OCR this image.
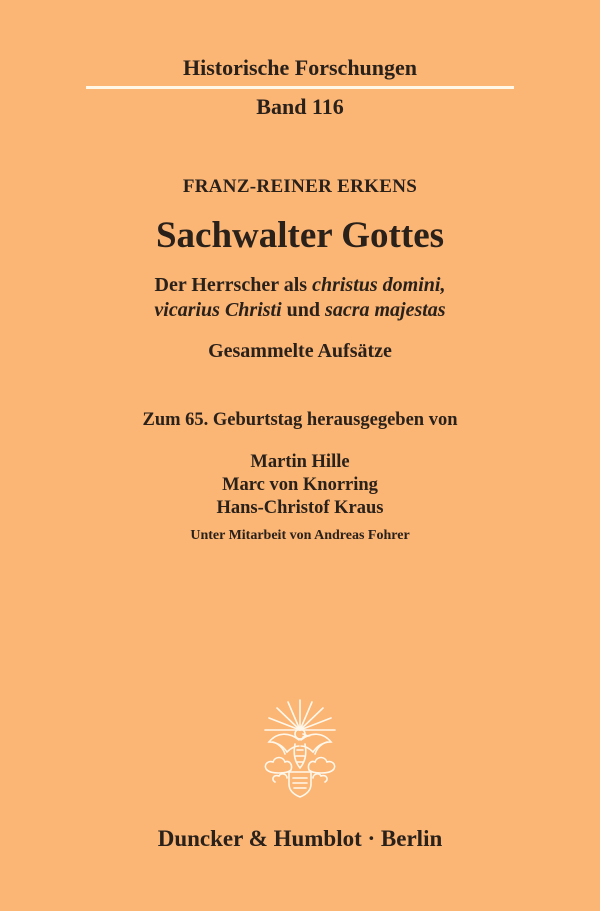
Historische Forschungen
Band 116
FRANZ-REINER ERKENS
Sachwalter Gottes
Der Herrscher als christus domini,
vicarius Christi und sacra majestas
Gesammelte Aufsätze
Zum 65. Geburtstag herausgegeben von
Martin Hille
Marc von Knorring
Hans-Christof Kraus
Unter Mitarbeit von Andreas Fohrer
Duncker & Humblot · Berlin
